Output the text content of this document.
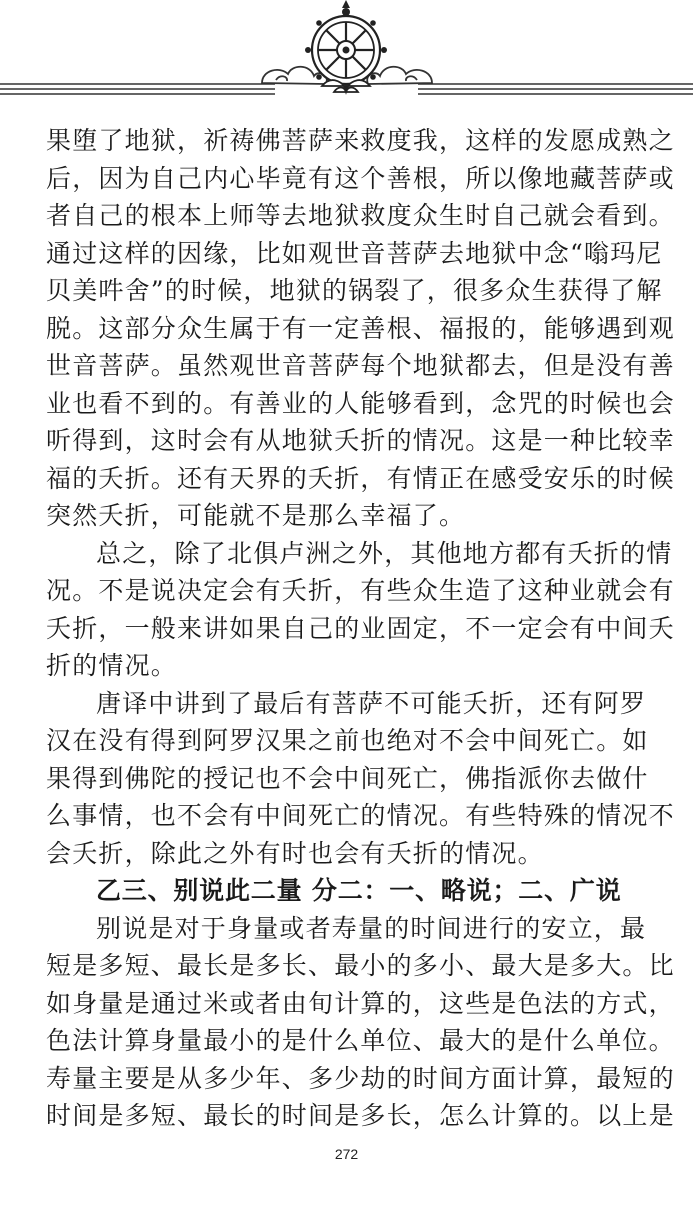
果堕了地狱，祈祷佛菩萨来救度我，这样的发愿成熟之
后，因为自己内心毕竟有这个善根，所以像地藏菩萨或
者自己的根本上师等去地狱救度众生时自己就会看到。
通过这样的因缘，比如观世音菩萨去地狱中念“嗡玛尼
贝美吽舍”的时候，地狱的锅裂了，很多众生获得了解
脱。这部分众生属于有一定善根、福报的，能够遇到观
世音菩萨。虽然观世音菩萨每个地狱都去，但是没有善
业也看不到的。有善业的人能够看到，念咒的时候也会
听得到，这时会有从地狱夭折的情况。这是一种比较幸
福的夭折。还有天界的夭折，有情正在感受安乐的时候
突然夭折，可能就不是那么幸福了。
总之，除了北俱卢洲之外，其他地方都有夭折的情
况。不是说决定会有夭折，有些众生造了这种业就会有
夭折，一般来讲如果自己的业固定，不一定会有中间夭
折的情况。
唐译中讲到了最后有菩萨不可能夭折，还有阿罗
汉在没有得到阿罗汉果之前也绝对不会中间死亡。如
果得到佛陀的授记也不会中间死亡，佛指派你去做什
么事情，也不会有中间死亡的情况。有些特殊的情况不
会夭折，除此之外有时也会有夭折的情况。
乙三、别说此二量 分二：一、略说；二、广说
别说是对于身量或者寿量的时间进行的安立，最
短是多短、最长是多长、最小的多小、最大是多大。比
如身量是通过米或者由旬计算的，这些是色法的方式，
色法计算身量最小的是什么单位、最大的是什么单位。
寿量主要是从多少年、多少劫的时间方面计算，最短的
时间是多短、最长的时间是多长，怎么计算的。以上是
272
